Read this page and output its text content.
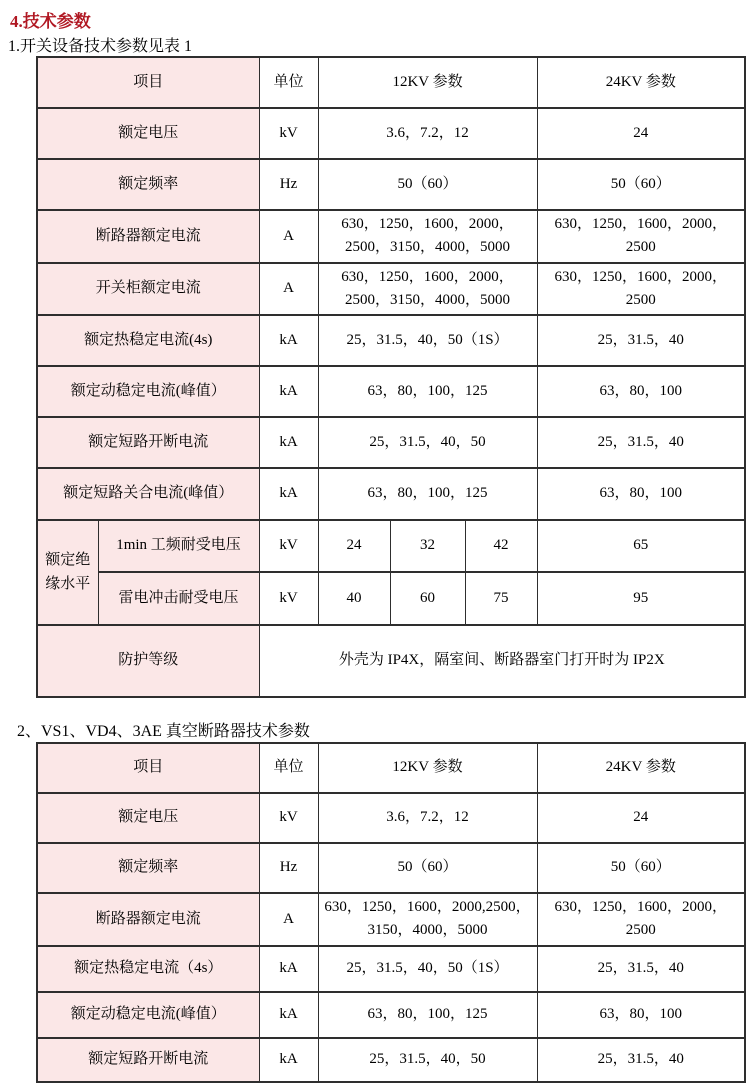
4.技术参数
1.开关设备技术参数见表 1
项目		单位	12KV 参数			24KV 参数
额定电压		kV	3.6，7.2，12			24
额定频率		Hz	50（60）			50（60）
断路器额定电流		A	630，1250，1600，2000，2500，3150，4000，5000			630，1250，1600，2000，2500
开关柜额定电流		A	630，1250，1600，2000，2500，3150，4000，5000			630，1250，1600，2000，2500
额定热稳定电流(4s)		kA	25，31.5，40，50（1S）			25，31.5，40
额定动稳定电流(峰值）		kA	63，80，100，125			63，80，100
额定短路开断电流		kA	25，31.5，40，50			25，31.5，40
额定短路关合电流(峰值）		kA	63，80，100，125			63，80，100
额定绝缘水平	1min 工频耐受电压	kV	24	32	42	65
	雷电冲击耐受电压	kV	40	60	75	95
防护等级		外壳为 IP4X，隔室间、断路器室门打开时为 IP2X				
2、VS1、VD4、3AE 真空断路器技术参数
项目	单位	12KV 参数	24KV 参数
额定电压	kV	3.6，7.2，12	24
额定频率	Hz	50（60）	50（60）
断路器额定电流	A	630，1250，1600，2000,2500，3150，4000，5000	630，1250，1600，2000，2500
额定热稳定电流（4s）	kA	25，31.5，40，50（1S）	25，31.5，40
额定动稳定电流(峰值）	kA	63，80，100，125	63，80，100
额定短路开断电流	kA	25，31.5，40，50	25，31.5，40
